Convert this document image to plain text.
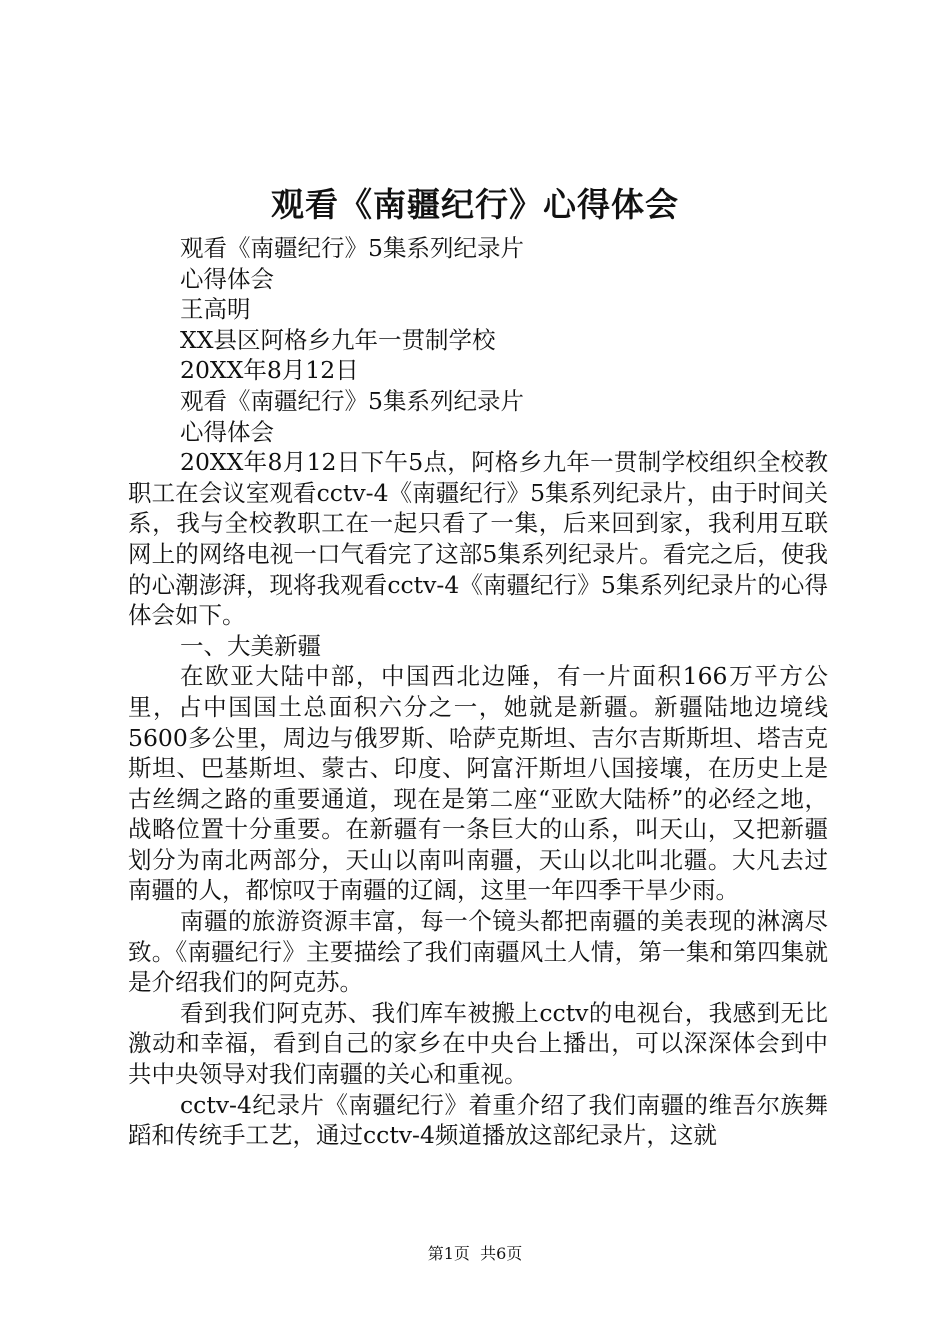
观看《南疆纪行》心得体会

观看《南疆纪行》5集系列纪录片

心得体会

王高明

XX县区阿格乡九年一贯制学校

20XX年8月12日

观看《南疆纪行》5集系列纪录片

心得体会

20XX年8月12日下午5点，阿格乡九年一贯制学校组织全校教职工在会议室观看cctv-4《南疆纪行》5集系列纪录片，由于时间关系，我与全校教职工在一起只看了一集，后来回到家，我利用互联网上的网络电视一口气看完了这部5集系列纪录片。看完之后，使我的心潮澎湃，现将我观看cctv-4《南疆纪行》5集系列纪录片的心得体会如下。

一、大美新疆

在欧亚大陆中部，中国西北边陲，有一片面积166万平方公里，占中国国土总面积六分之一，她就是新疆。新疆陆地边境线5600多公里，周边与俄罗斯、哈萨克斯坦、吉尔吉斯斯坦、塔吉克斯坦、巴基斯坦、蒙古、印度、阿富汗斯坦八国接壤，在历史上是古丝绸之路的重要通道，现在是第二座“亚欧大陆桥”的必经之地，战略位置十分重要。在新疆有一条巨大的山系，叫天山，又把新疆划分为南北两部分，天山以南叫南疆，天山以北叫北疆。大凡去过南疆的人，都惊叹于南疆的辽阔，这里一年四季干旱少雨。

南疆的旅游资源丰富，每一个镜头都把南疆的美表现的淋漓尽致。《南疆纪行》主要描绘了我们南疆风土人情，第一集和第四集就是介绍我们的阿克苏。

看到我们阿克苏、我们库车被搬上cctv的电视台，我感到无比激动和幸福，看到自己的家乡在中央台上播出，可以深深体会到中共中央领导对我们南疆的关心和重视。

cctv-4纪录片《南疆纪行》着重介绍了我们南疆的维吾尔族舞蹈和传统手工艺，通过cctv-4频道播放这部纪录片，这就

第1页 共6页
